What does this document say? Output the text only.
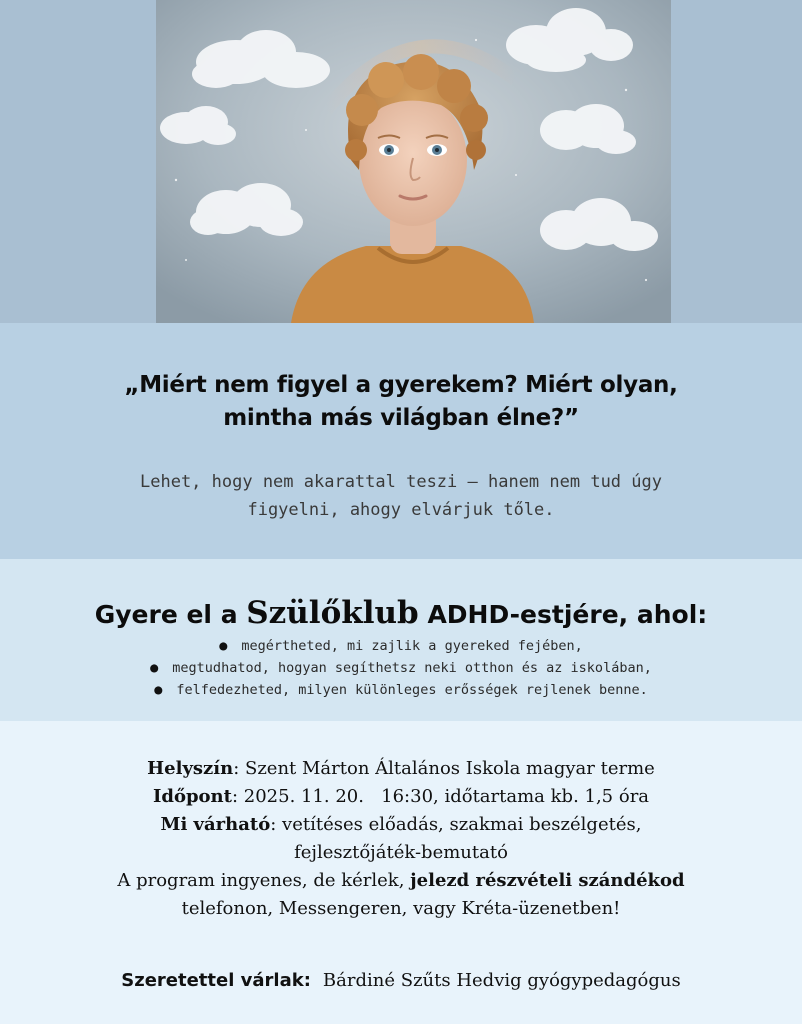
„Miért nem figyel a gyerekem? Miért olyan,
mintha más világban élne?”
Lehet, hogy nem akarattal teszi – hanem nem tud úgy
figyelni, ahogy elvárjuk tőle.
Gyere el a Szülőklub ADHD-estjére, ahol:
● megértheted, mi zajlik a gyereked fejében,
● megtudhatod, hogyan segíthetsz neki otthon és az iskolában,
● felfedezheted, milyen különleges erősségek rejlenek benne.
Helyszín: Szent Márton Általános Iskola magyar terme
Időpont: 2025. 11. 20.   16:30, időtartama kb. 1,5 óra
Mi várható: vetítéses előadás, szakmai beszélgetés,
fejlesztőjáték-bemutató
A program ingyenes, de kérlek, jelezd részvételi szándékod
telefonon, Messengeren, vagy Kréta-üzenetben!
Szeretettel várlak: Bárdiné Szűts Hedvig gyógypedagógus
